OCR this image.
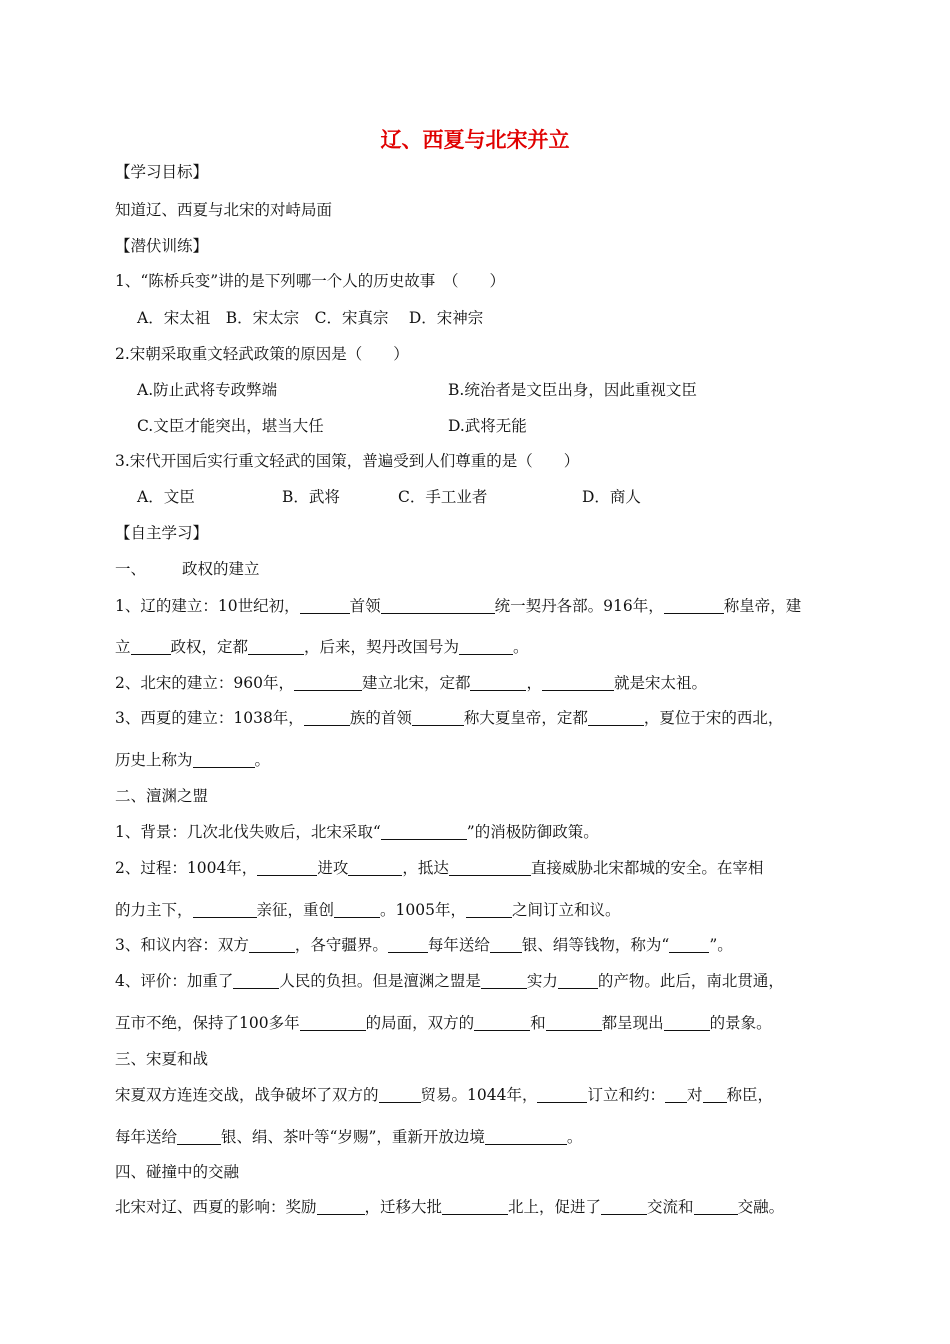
辽、西夏与北宋并立
【学习目标】
知道辽、西夏与北宋的对峙局面
【潜伏训练】
1、“陈桥兵变”讲的是下列哪一个人的历史故事　（　　）
A．宋太祖　B．宋太宗　C．宋真宗　 D．宋神宗
2.宋朝采取重文轻武政策的原因是（　　）
A.防止武将专政弊端	B.统治者是文臣出身，因此重视文臣
C.文臣才能突出，堪当大任	D.武将无能
3.宋代开国后实行重文轻武的国策，普遍受到人们尊重的是（　　）
A．文臣	B．武将	C．手工业者	D．商人
【自主学习】
一、 政权的建立
1、辽的建立：10世纪初，	首领	统一契丹各部。916年，	称皇帝，建
立	政权，定都	，后来，契丹改国号为	。
2、北宋的建立：960年，	建立北宋，定都	，	就是宋太祖。
3、西夏的建立：1038年，	族的首领	称大夏皇帝，定都	，夏位于宋的西北，
历史上称为	。
二、澶渊之盟
1、背景：几次北伐失败后，北宋采取“	”的消极防御政策。
2、过程：1004年，	进攻	，抵达	直接威胁北宋都城的安全。在宰相
的力主下，	亲征，重创	。1005年，	之间订立和议。
3、和议内容：双方	，各守疆界。	每年送给 银、绢等钱物，称为“	”。
4、评价：加重了	人民的负担。但是澶渊之盟是	实力	的产物。此后，南北贯通，
互市不绝，保持了100多年	的局面，双方的	和	都呈现出	的景象。
三、宋夏和战
宋夏双方连连交战，战争破坏了双方的	贸易。1044年，	订立和约： 对 称臣，
每年送给	银、绢、茶叶等“岁赐”，重新开放边境	。
四、碰撞中的交融
北宋对辽、西夏的影响：奖励	，迁移大批	北上，促进了	交流和	交融。
